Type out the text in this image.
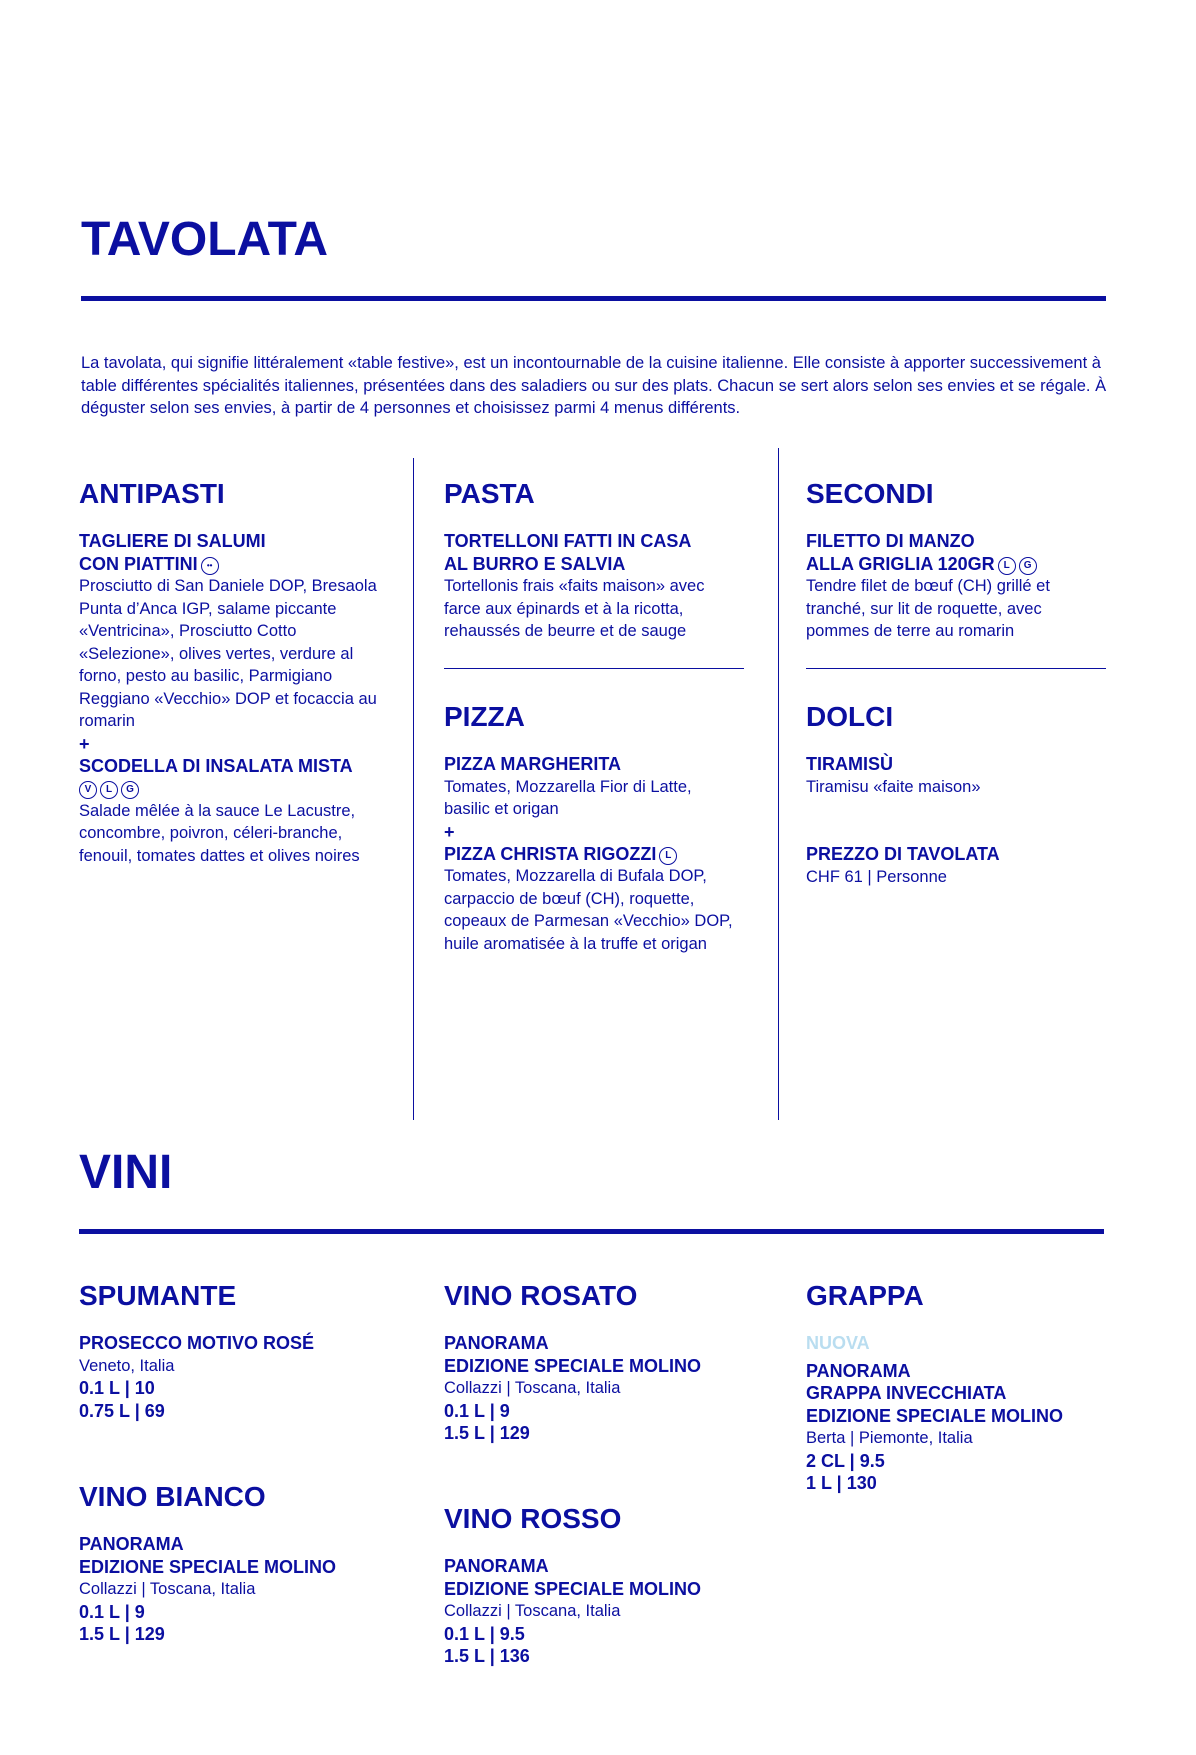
TAVOLATA
La tavolata, qui signifie littéralement «table festive», est un incontournable de la cuisine italienne. Elle consiste à apporter successivement à table différentes spécialités italiennes, présentées dans des saladiers ou sur des plats. Chacun se sert alors selon ses envies et se régale. À déguster selon ses envies, à partir de 4 personnes et choisissez parmi 4 menus différents.
ANTIPASTI
TAGLIERE DI SALUMI
CON PIATTINI ••
Prosciutto di San Daniele DOP, Bresaola Punta d’Anca IGP, salame piccante «Ventricina», Prosciutto Cotto «Selezione», olives vertes, verdure al forno, pesto au basilic, Parmigiano Reggiano «Vecchio» DOP et focaccia au romarin
+
SCODELLA DI INSALATA MISTA
V L G
Salade mêlée à la sauce Le Lacustre, concombre, poivron, céleri-branche, fenouil, tomates dattes et olives noires
PASTA
TORTELLONI FATTI IN CASA
AL BURRO E SALVIA
Tortellonis frais «faits maison» avec farce aux épinards et à la ricotta, rehaussés de beurre et de sauge
PIZZA
PIZZA MARGHERITA
Tomates, Mozzarella Fior di Latte, basilic et origan
+
PIZZA CHRISTA RIGOZZI L
Tomates, Mozzarella di Bufala DOP, carpaccio de bœuf (CH), roquette, copeaux de Parmesan «Vecchio» DOP, huile aromatisée à la truffe et origan
SECONDI
FILETTO DI MANZO
ALLA GRIGLIA 120GR L G
Tendre filet de bœuf (CH) grillé et tranché, sur lit de roquette, avec pommes de terre au romarin
DOLCI
TIRAMISÙ
Tiramisu «faite maison»
PREZZO DI TAVOLATA
CHF 61 | Personne
VINI
SPUMANTE
PROSECCO MOTIVO ROSÉ
Veneto, Italia
0.1 L | 10
0.75 L | 69
VINO BIANCO
PANORAMA
EDIZIONE SPECIALE MOLINO
Collazzi | Toscana, Italia
0.1 L | 9
1.5 L | 129
VINO ROSATO
PANORAMA
EDIZIONE SPECIALE MOLINO
Collazzi | Toscana, Italia
0.1 L | 9
1.5 L | 129
VINO ROSSO
PANORAMA
EDIZIONE SPECIALE MOLINO
Collazzi | Toscana, Italia
0.1 L | 9.5
1.5 L | 136
GRAPPA
NUOVA
PANORAMA
GRAPPA INVECCHIATA
EDIZIONE SPECIALE MOLINO
Berta | Piemonte, Italia
2 CL | 9.5
1 L | 130
